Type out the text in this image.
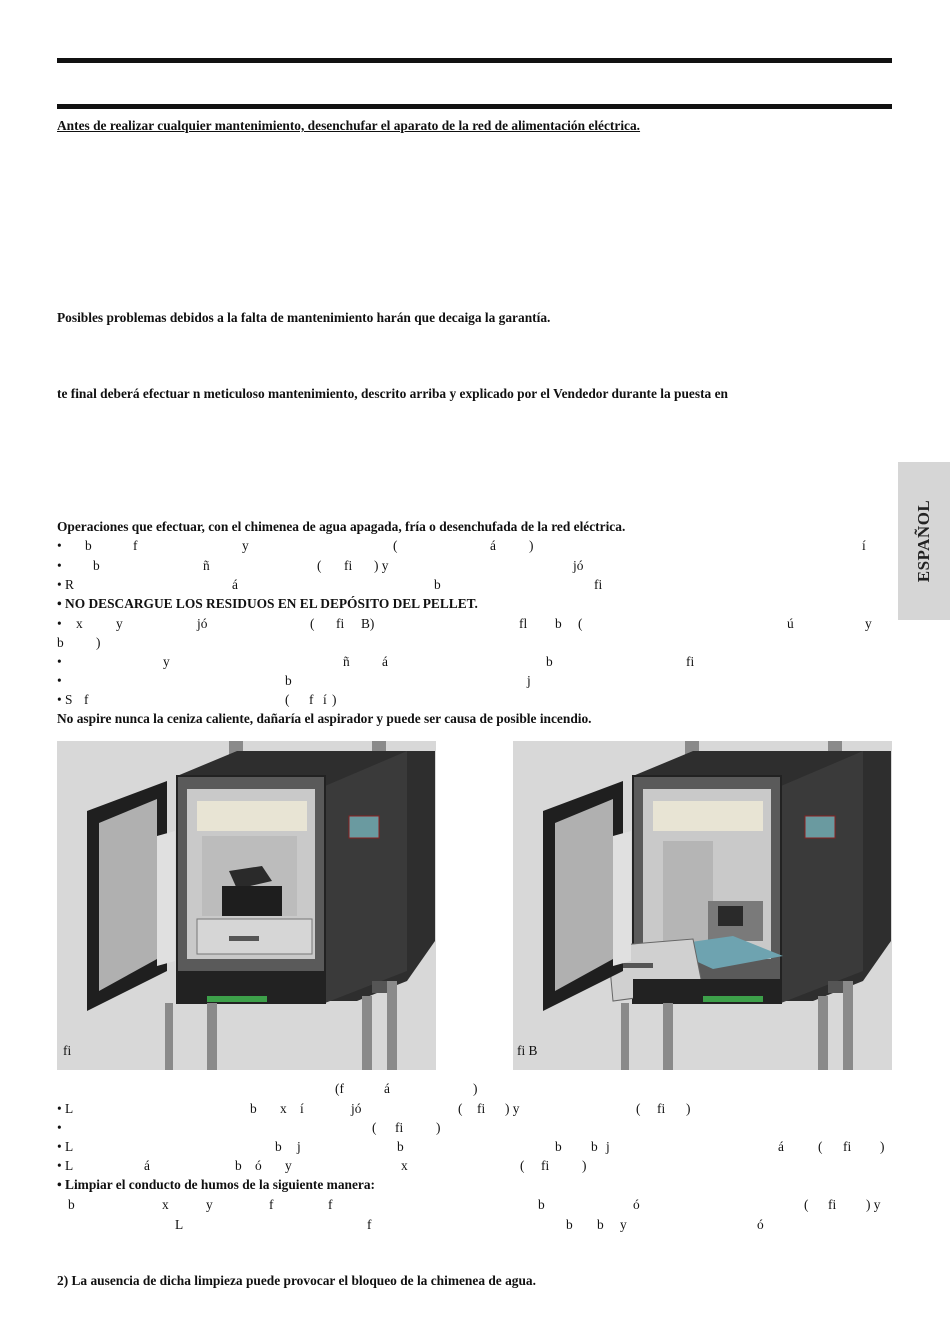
Antes de realizar cualquier mantenimiento, desenchufar el aparato de la red de alimentación eléctrica.
Posibles problemas debidos a la falta de mantenimiento harán que decaiga la garantía.
te final deberá efectuar n meticuloso mantenimiento, descrito arriba y explicado por el Vendedor durante la puesta en
ESPAÑOL
Operaciones que efectuar, con el chimenea de agua apagada, fría o desenchufada de la red eléctrica.
• b	f	y	(	á )	í
• b	ñ	( fi ) y	jó
• R	á	b	fi
• x y	jó	( fi B)	fl b (	ú	y
b )
•	y	ñ á	b	fi
•	b	j
• S f	( f í )
• NO DESCARGUE LOS RESIDUOS EN EL DEPÓSITO DEL PELLET.
No aspire nunca la ceniza caliente, dañaría el aspirador y puede ser causa de posible incendio.
fi	fi B
(f	á	)
• L	b x í	jó	( fi ) y	( fi )
•	( fi )
• L	b j	b	b b j	á	( fi )
• L	á	b ó y	x	( fi )
• Limpiar el conducto de humos de la siguiente manera:
b	x	y	f	f	b	ó	( fi ) y
L	f	b b y	ó
2) La ausencia de dicha limpieza puede provocar el bloqueo de la chimenea de agua.
